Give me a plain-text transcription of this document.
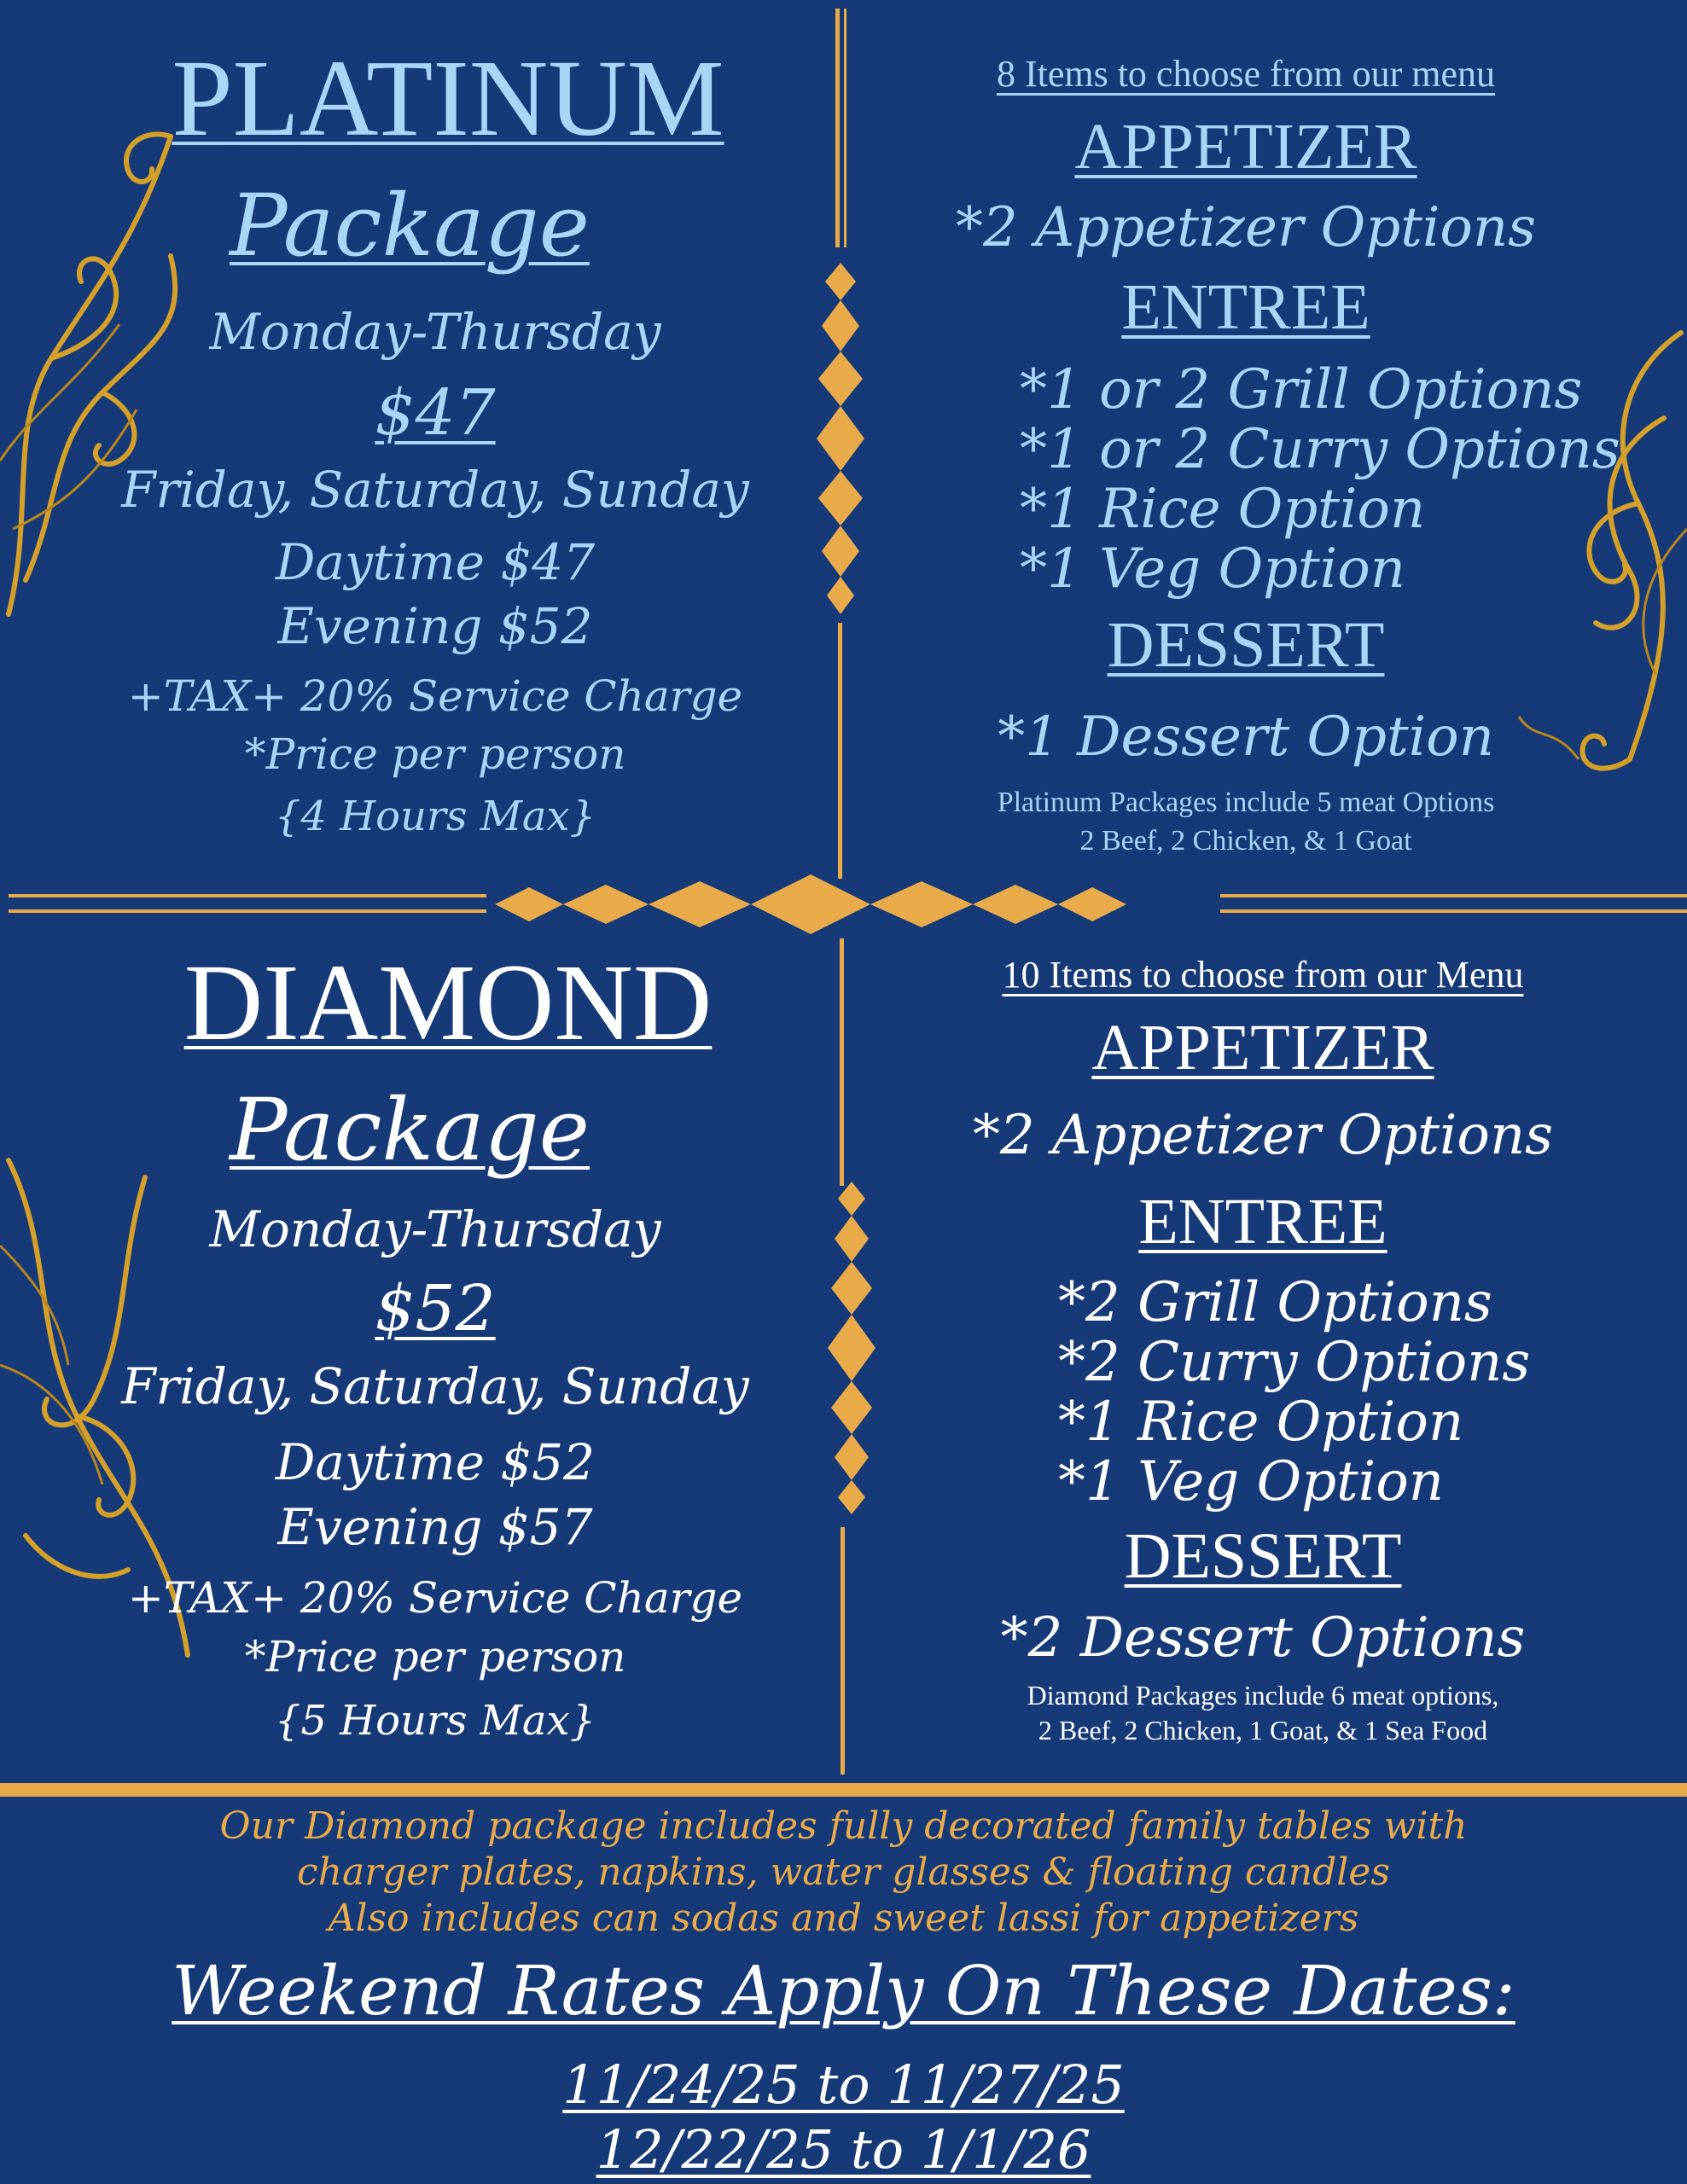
PLATINUM
Package
Monday-Thursday
$47
Friday, Saturday, Sunday
Daytime $47
Evening $52
+TAX+ 20% Service Charge
*Price per person
{4 Hours Max}
8 Items to choose from our menu
APPETIZER
*2 Appetizer Options
ENTREE
*1 or 2 Grill Options
*1 or 2 Curry Options
*1 Rice Option
*1 Veg Option
DESSERT
*1 Dessert Option
Platinum Packages include 5 meat Options
2 Beef, 2 Chicken, & 1 Goat
DIAMOND
Package
Monday-Thursday
$52
Friday, Saturday, Sunday
Daytime $52
Evening $57
+TAX+ 20% Service Charge
*Price per person
{5 Hours Max}
10 Items to choose from our Menu
APPETIZER
*2 Appetizer Options
ENTREE
*2 Grill Options
*2 Curry Options
*1 Rice Option
*1 Veg Option
DESSERT
*2 Dessert Options
Diamond Packages include 6 meat options,
2 Beef, 2 Chicken, 1 Goat, & 1 Sea Food
Our Diamond package includes fully decorated family tables with
charger plates, napkins, water glasses & floating candles
Also includes can sodas and sweet lassi for appetizers
Weekend Rates Apply On These Dates:
11/24/25 to 11/27/25
12/22/25 to 1/1/26
